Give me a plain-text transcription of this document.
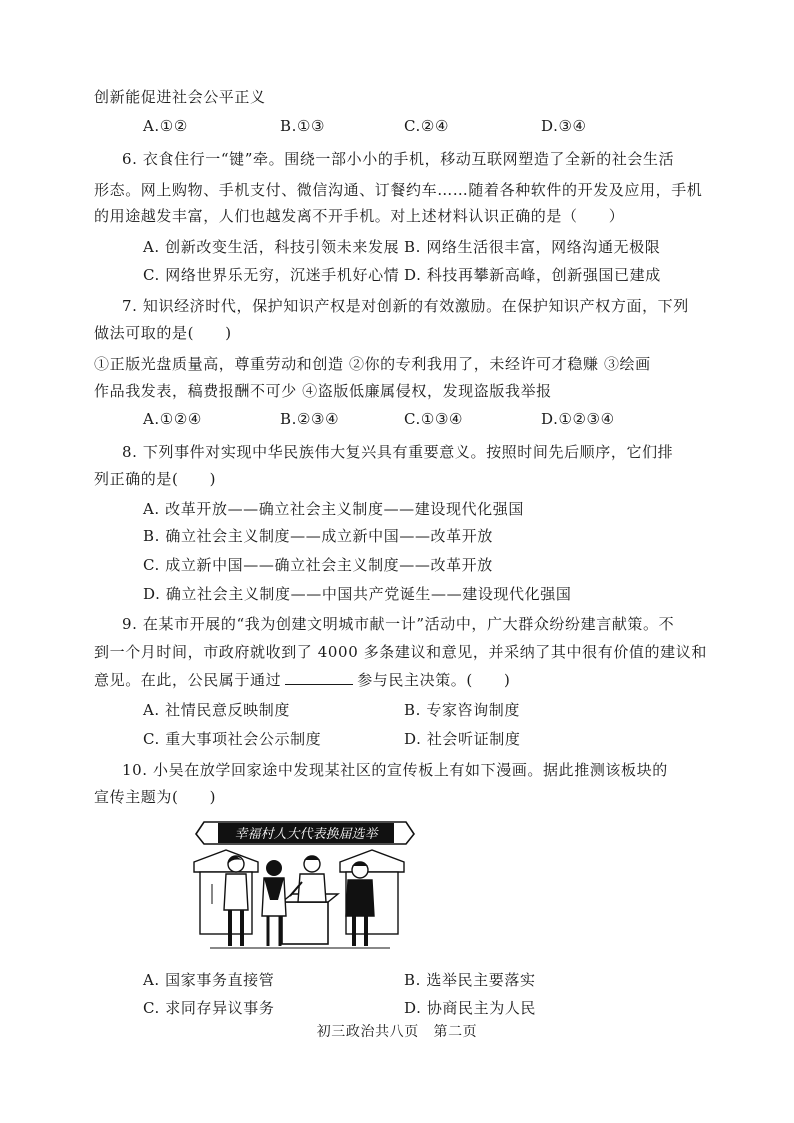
创新能促进社会公平正义
A.①②	B.①③	C.②④	D.③④
6. 衣食住行一“键”牵。围绕一部小小的手机，移动互联网塑造了全新的社会生活
形态。网上购物、手机支付、微信沟通、订餐约车……随着各种软件的开发及应用，手机
的用途越发丰富，人们也越发离不开手机。对上述材料认识正确的是（　　）
A. 创新改变生活，科技引领未来发展 B. 网络生活很丰富，网络沟通无极限
C. 网络世界乐无穷，沉迷手机好心情 D. 科技再攀新高峰，创新强国已建成
7. 知识经济时代，保护知识产权是对创新的有效激励。在保护知识产权方面，下列
做法可取的是(　　)
①正版光盘质量高，尊重劳动和创造 ②你的专利我用了，未经许可才稳赚 ③绘画
作品我发表，稿费报酬不可少 ④盗版低廉属侵权，发现盗版我举报
A.①②④	B.②③④	C.①③④	D.①②③④
8. 下列事件对实现中华民族伟大复兴具有重要意义。按照时间先后顺序，它们排
列正确的是(　　)
A. 改革开放——确立社会主义制度——建设现代化强国
B. 确立社会主义制度——成立新中国——改革开放
C. 成立新中国——确立社会主义制度——改革开放
D. 确立社会主义制度——中国共产党诞生——建设现代化强国
9. 在某市开展的“我为创建文明城市献一计”活动中，广大群众纷纷建言献策。不
到一个月时间，市政府就收到了 4000 多条建议和意见，并采纳了其中很有价值的建议和
意见。在此，公民属于通过	参与民主决策。(　　)
A. 社情民意反映制度	B. 专家咨询制度
C. 重大事项社会公示制度	D. 社会听证制度
10. 小吴在放学回家途中发现某社区的宣传板上有如下漫画。据此推测该板块的
宣传主题为(　　)
幸福村人大代表换届选举
A. 国家事务直接管	B. 选举民主要落实
C. 求同存异议事务	D. 协商民主为人民
初三政治共八页　第二页
